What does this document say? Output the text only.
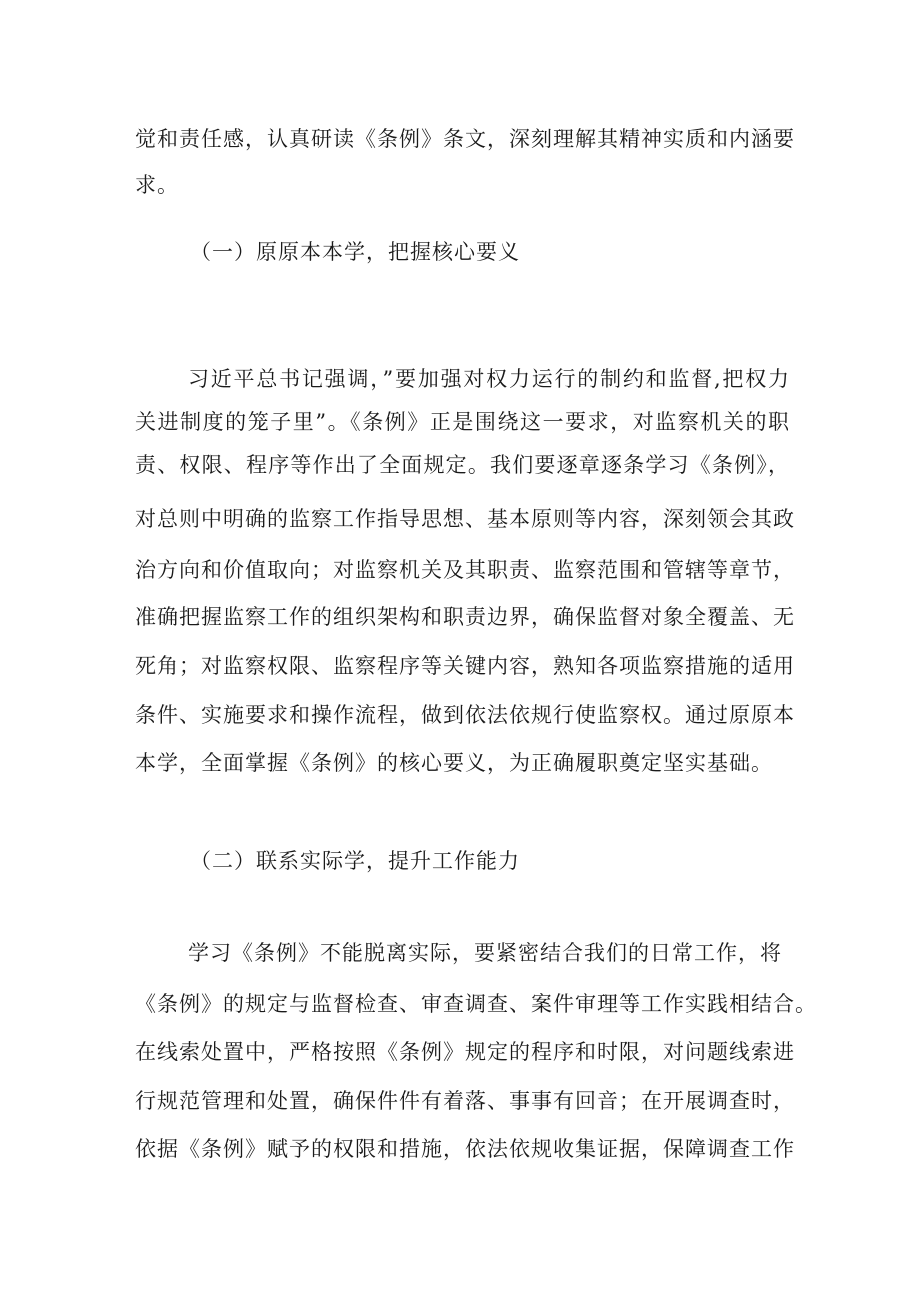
觉和责任感，认真研读《条例》条文，深刻理解其精神实质和内涵要
求。
（一）原原本本学，把握核心要义
习近平总书记强调，”要加强对权力运行的制约和监督,把权力
关进制度的笼子里”。《条例》正是围绕这一要求，对监察机关的职
责、权限、程序等作出了全面规定。我们要逐章逐条学习《条例》，
对总则中明确的监察工作指导思想、基本原则等内容，深刻领会其政
治方向和价值取向；对监察机关及其职责、监察范围和管辖等章节，
准确把握监察工作的组织架构和职责边界，确保监督对象全覆盖、无
死角；对监察权限、监察程序等关键内容，熟知各项监察措施的适用
条件、实施要求和操作流程，做到依法依规行使监察权。通过原原本
本学，全面掌握《条例》的核心要义，为正确履职奠定坚实基础。
（二）联系实际学，提升工作能力
学习《条例》不能脱离实际，要紧密结合我们的日常工作，将
《条例》的规定与监督检查、审查调查、案件审理等工作实践相结合。
在线索处置中，严格按照《条例》规定的程序和时限，对问题线索进
行规范管理和处置，确保件件有着落、事事有回音；在开展调查时，
依据《条例》赋予的权限和措施，依法依规收集证据，保障调查工作
